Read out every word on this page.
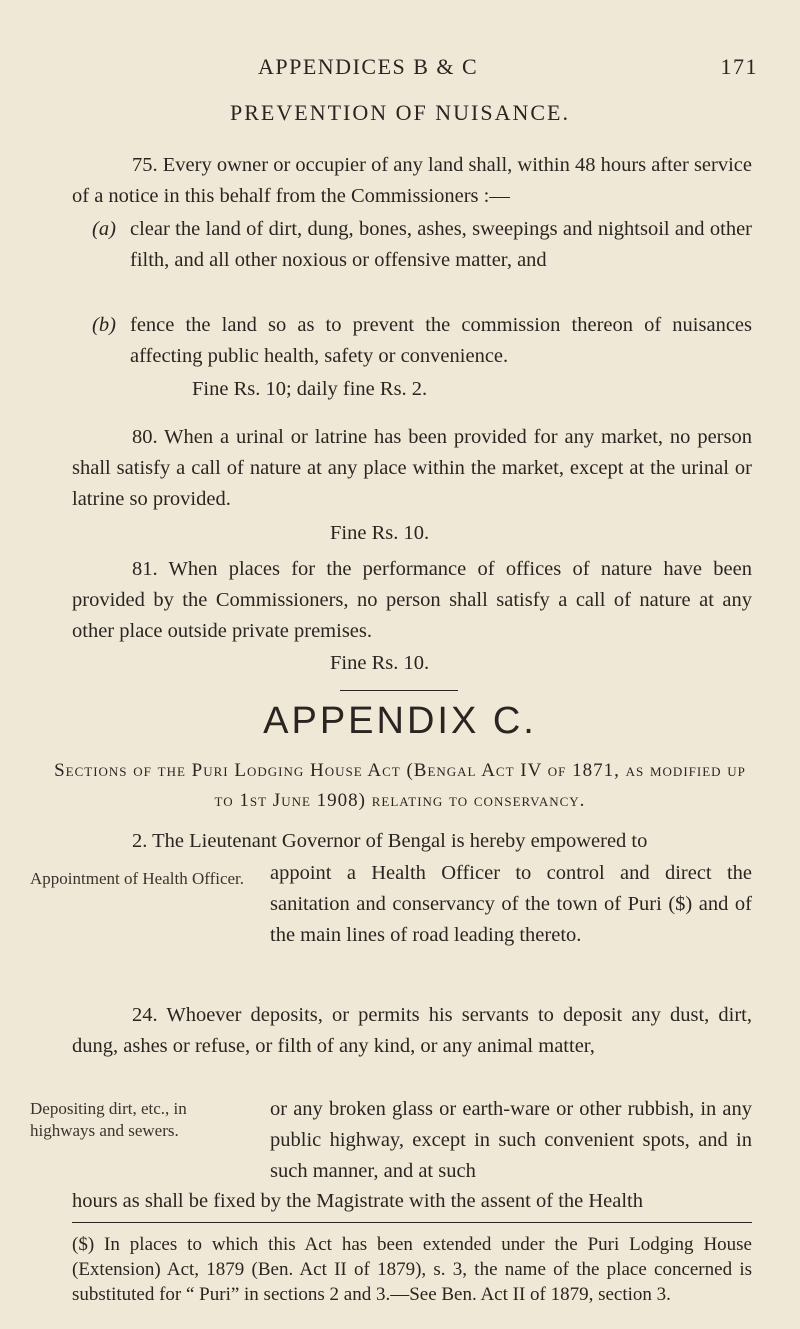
APPENDICES B & C	171
PREVENTION OF NUISANCE.
75. Every owner or occupier of any land shall, within 48 hours after service of a notice in this behalf from the Commissioners :—
(a) clear the land of dirt, dung, bones, ashes, sweepings and nightsoil and other filth, and all other noxious or offensive matter, and
(b) fence the land so as to prevent the commission thereon of nuisances affecting public health, safety or convenience.
Fine Rs. 10; daily fine Rs. 2.
80. When a urinal or latrine has been provided for any market, no person shall satisfy a call of nature at any place within the market, except at the urinal or latrine so provided.
Fine Rs. 10.
81. When places for the performance of offices of nature have been provided by the Commissioners, no person shall satisfy a call of nature at any other place outside private premises.
Fine Rs. 10.
APPENDIX C.
Sections of the Puri Lodging House Act (Bengal Act IV of 1871, as modified up to 1st June 1908) relating to conservancy.
2. The Lieutenant Governor of Bengal is hereby empowered to
Appointment of Health Officer. appoint a Health Officer to control and direct the sanitation and conservancy of the town of Puri ($) and of the main lines of road leading thereto.
24. Whoever deposits, or permits his servants to deposit any dust, dirt, dung, ashes or refuse, or filth of any kind, or any animal matter,
Depositing dirt, etc., in highways and sewers.
or any broken glass or earth-ware or other rubbish, in any public highway, except in such convenient spots, and in such manner, and at such
hours as shall be fixed by the Magistrate with the assent of the Health
($) In places to which this Act has been extended under the Puri Lodging House (Extension) Act, 1879 (Ben. Act II of 1879), s. 3, the name of the place concerned is substituted for “ Puri” in sections 2 and 3.—See Ben. Act II of 1879, section 3.
